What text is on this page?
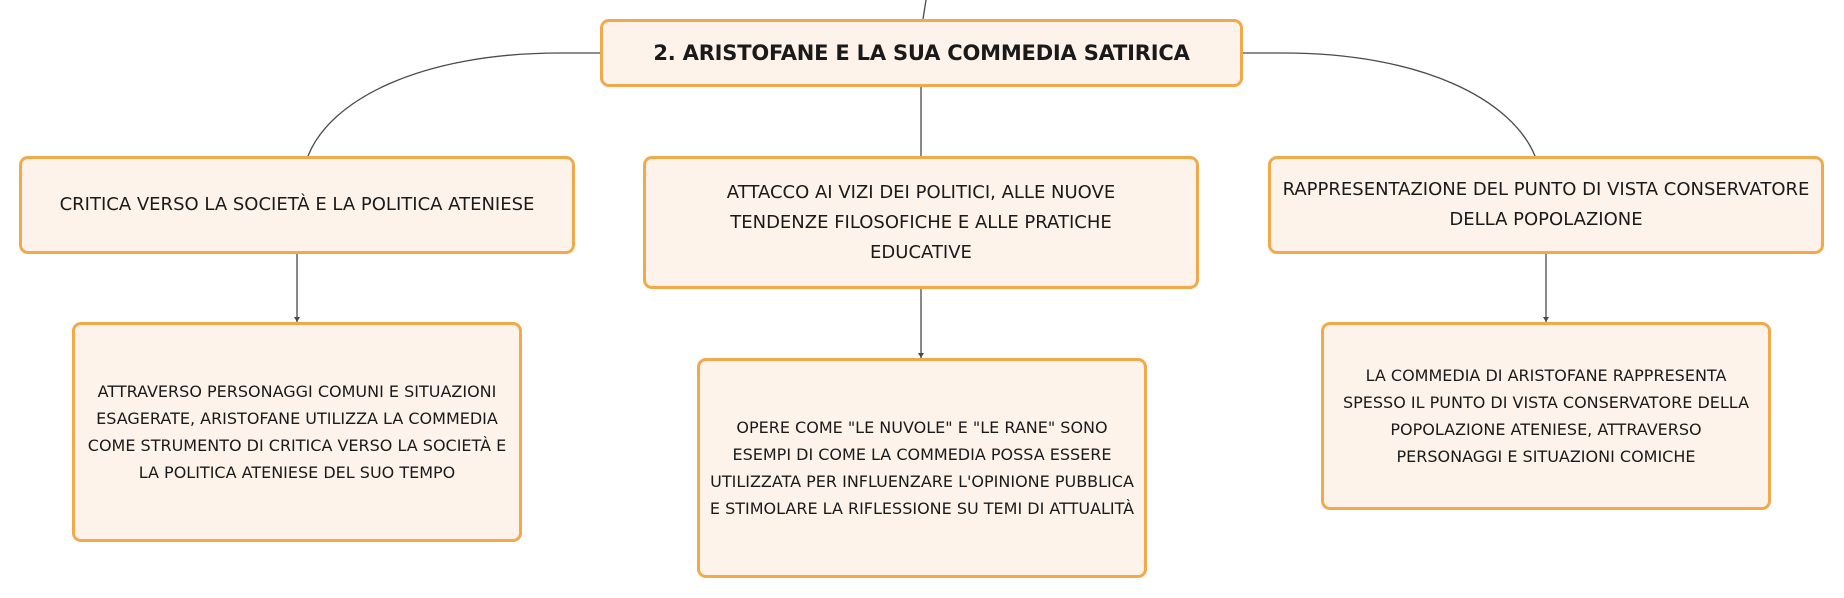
2. ARISTOFANE E LA SUA COMMEDIA SATIRICA
CRITICA VERSO LA SOCIETÀ E LA POLITICA ATENIESE
ATTACCO AI VIZI DEI POLITICI, ALLE NUOVE TENDENZE FILOSOFICHE E ALLE PRATICHE EDUCATIVE
RAPPRESENTAZIONE DEL PUNTO DI VISTA CONSERVATORE DELLA POPOLAZIONE
ATTRAVERSO PERSONAGGI COMUNI E SITUAZIONI ESAGERATE, ARISTOFANE UTILIZZA LA COMMEDIA COME STRUMENTO DI CRITICA VERSO LA SOCIETÀ E LA POLITICA ATENIESE DEL SUO TEMPO
OPERE COME "LE NUVOLE" E "LE RANE" SONO ESEMPI DI COME LA COMMEDIA POSSA ESSERE UTILIZZATA PER INFLUENZARE L'OPINIONE PUBBLICA E STIMOLARE LA RIFLESSIONE SU TEMI DI ATTUALITÀ
LA COMMEDIA DI ARISTOFANE RAPPRESENTA SPESSO IL PUNTO DI VISTA CONSERVATORE DELLA POPOLAZIONE ATENIESE, ATTRAVERSO PERSONAGGI E SITUAZIONI COMICHE
